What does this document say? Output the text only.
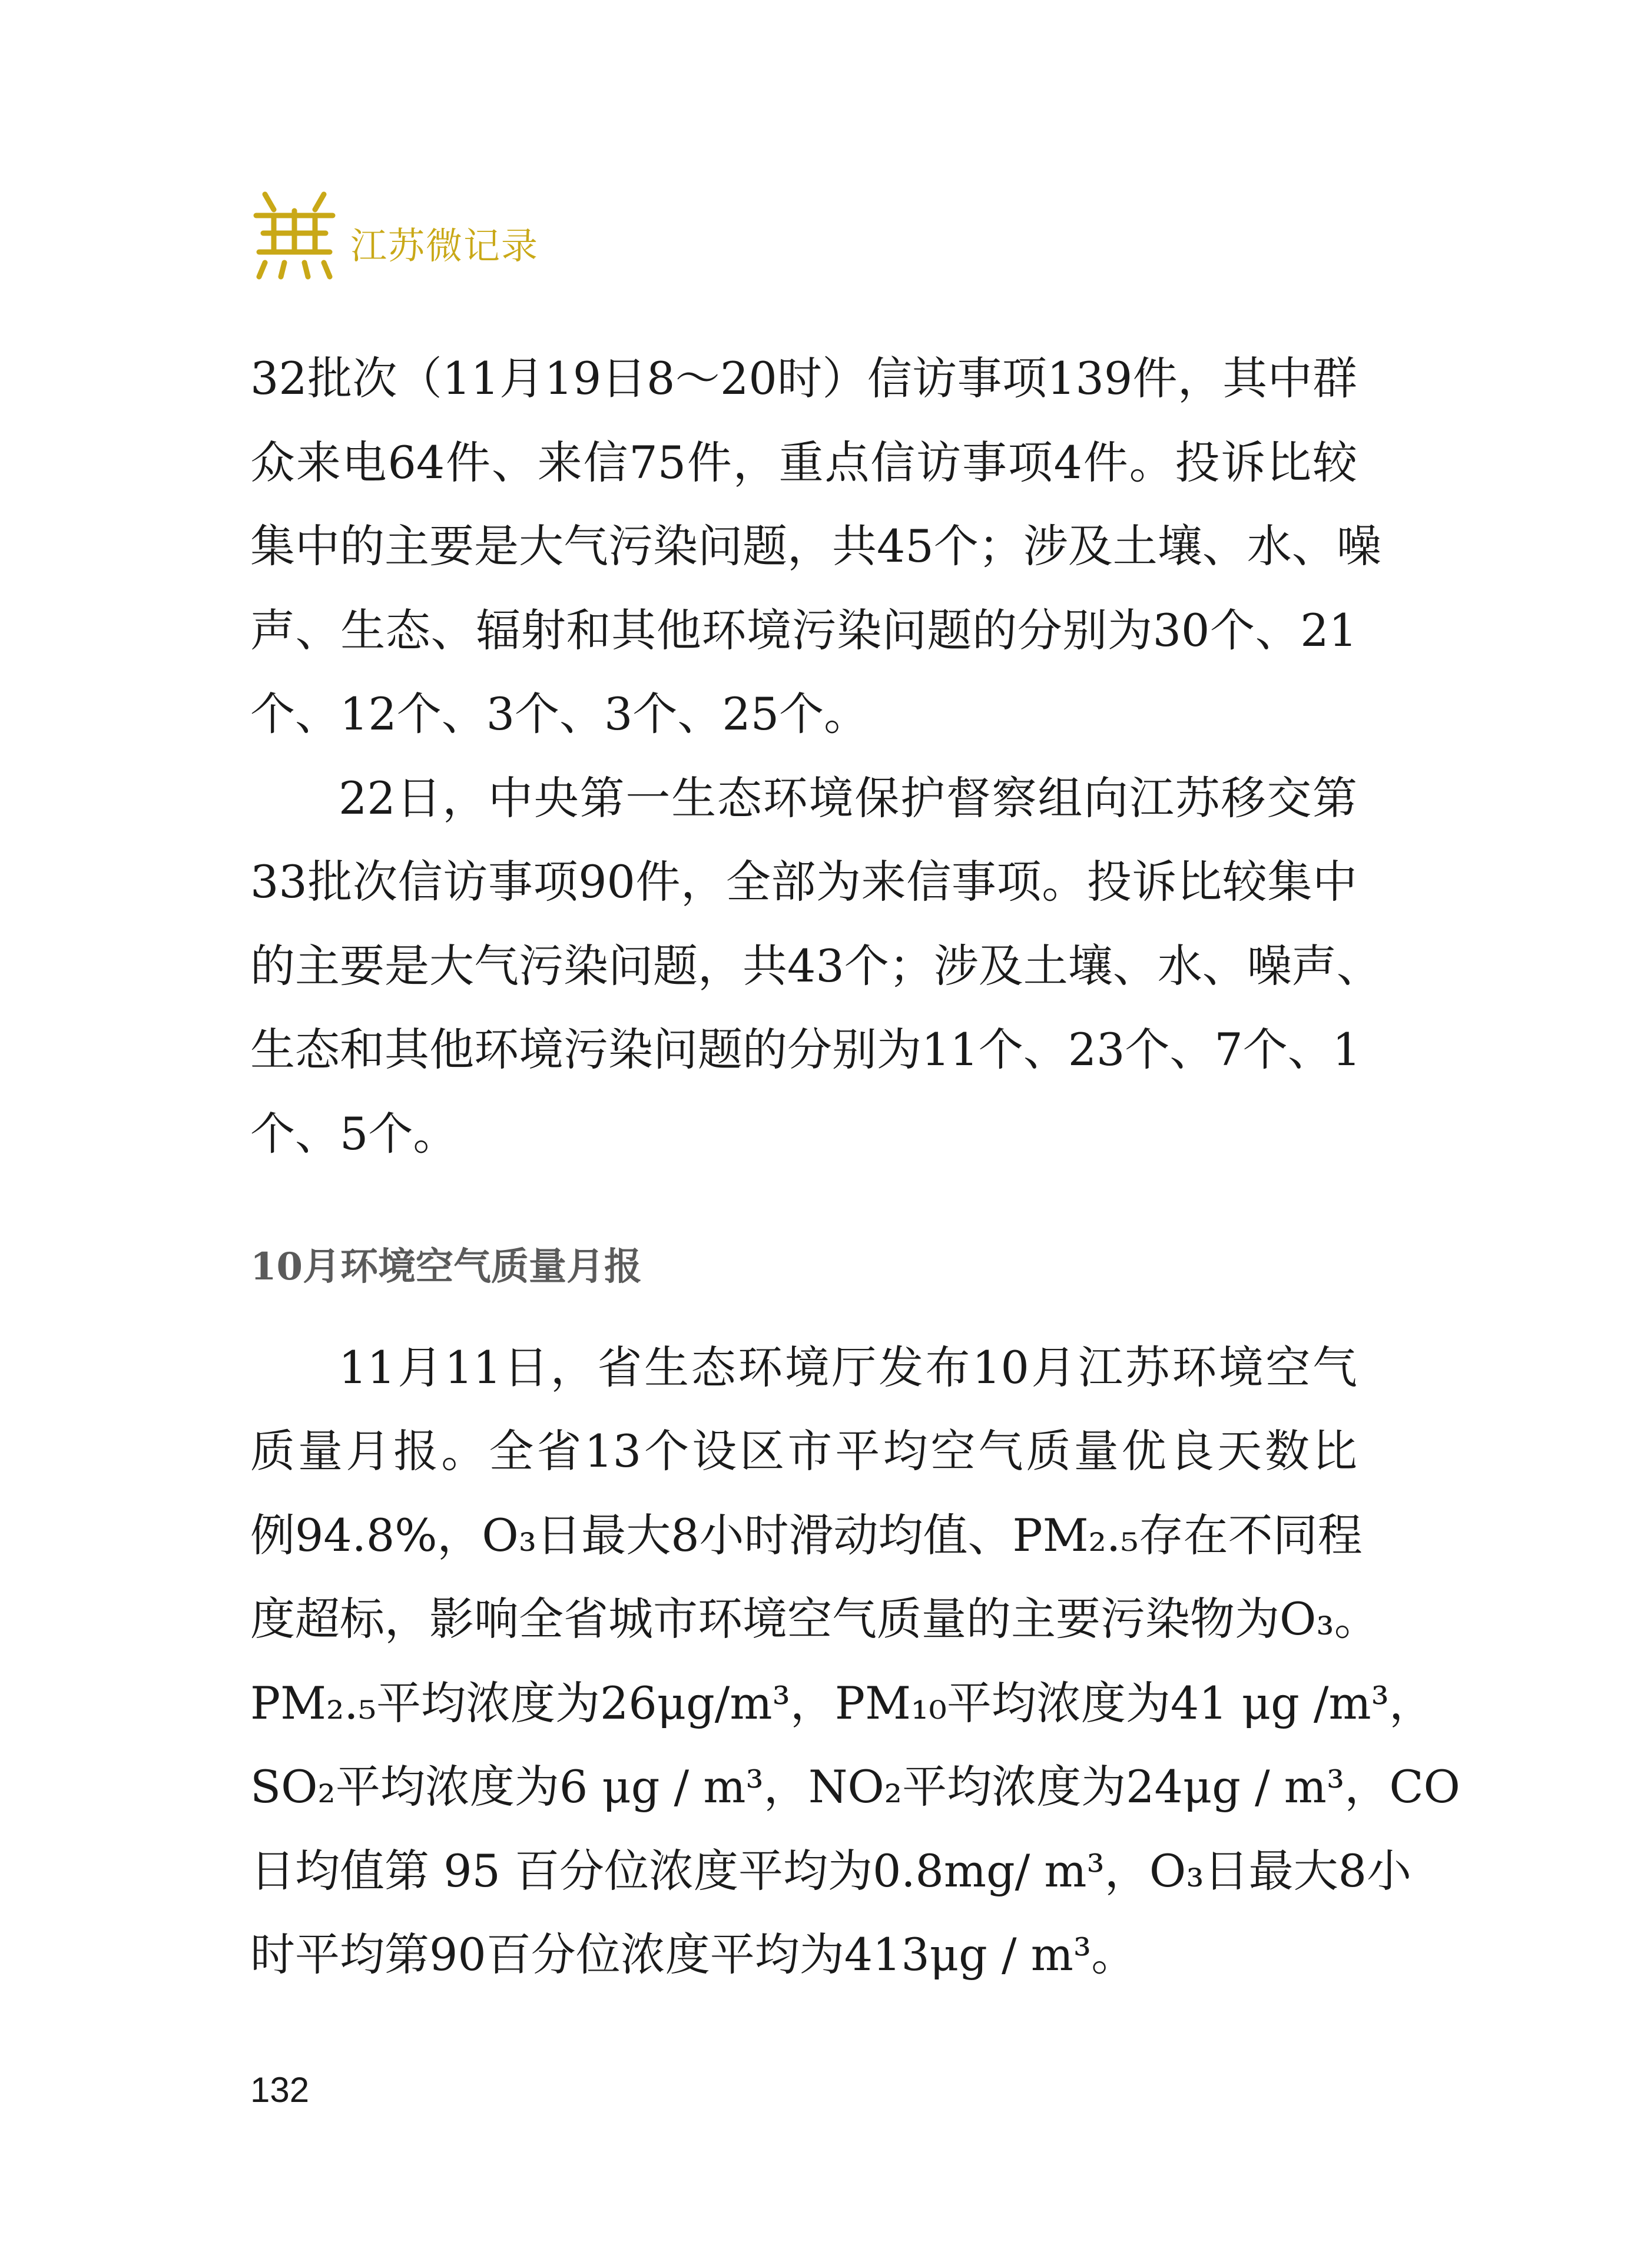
江苏微记录
32批次（11月19日8～20时）信访事项139件，其中群
众来电64件、来信75件，重点信访事项4件。投诉比较
集中的主要是大气污染问题，共45个；涉及土壤、水、噪
声、生态、辐射和其他环境污染问题的分别为30个、21
个、12个、3个、3个、25个。
22日，中央第一生态环境保护督察组向江苏移交第
33批次信访事项90件，全部为来信事项。投诉比较集中
的主要是大气污染问题，共43个；涉及土壤、水、噪声、
生态和其他环境污染问题的分别为11个、23个、7个、1
个、5个。
10月环境空气质量月报
11月11日，省生态环境厅发布10月江苏环境空气
质量月报。全省13个设区市平均空气质量优良天数比
例94.8%，O₃日最大8小时滑动均值、PM₂.₅存在不同程
度超标，影响全省城市环境空气质量的主要污染物为O₃。
PM₂.₅平均浓度为26μg/m³，PM₁₀平均浓度为41 μg /m³，
SO₂平均浓度为6 μg / m³，NO₂平均浓度为24μg / m³，CO
日均值第 95 百分位浓度平均为0.8mg/ m³，O₃日最大8小
时平均第90百分位浓度平均为413μg / m³。
132
